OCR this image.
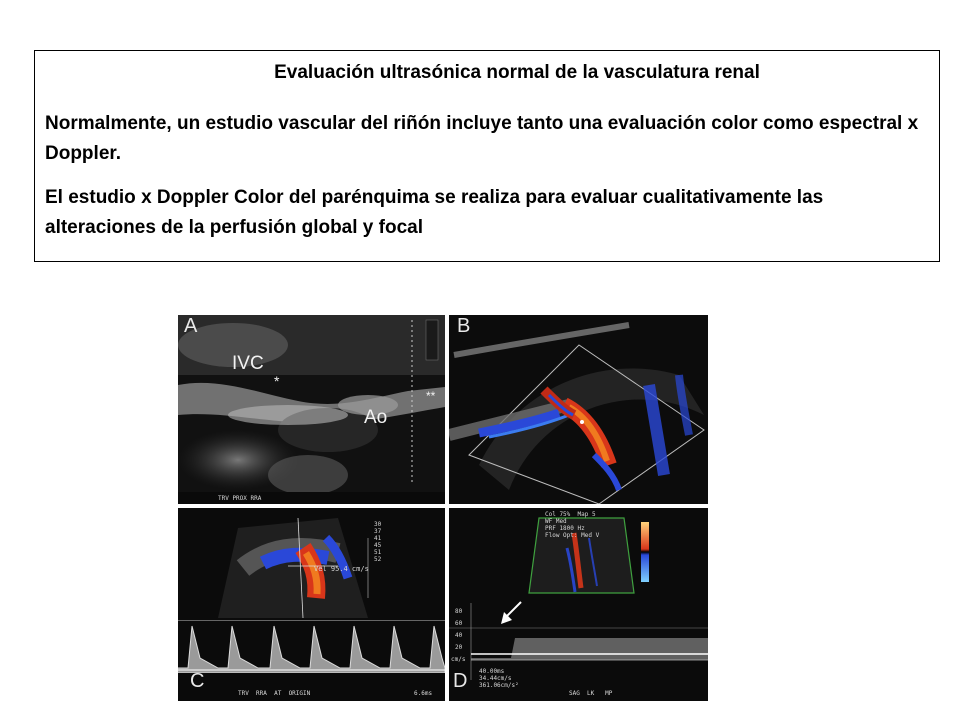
Evaluación ultrasónica normal de la vasculatura renal

Normalmente, un estudio vascular del riñón incluye tanto una evaluación color como espectral x Doppler.

El estudio x Doppler Color del parénquima se realiza para evaluar cualitativamente las alteraciones de la perfusión global y focal

A
IVC
*
Ao
**
TRV PROX RRA
B

30
37
41
45
51
52
Vel 95.4 cm/s
C
TRV  RRA  AT  ORIGIN	6.6ms
Col 75%  Map 5
WF Med
PRF 1800 Hz
Flow Opt: Med V
80
60
40
20
cm/s
40.00ms
34.44cm/s
361.06cm/s²
D
SAG  LK   MP
